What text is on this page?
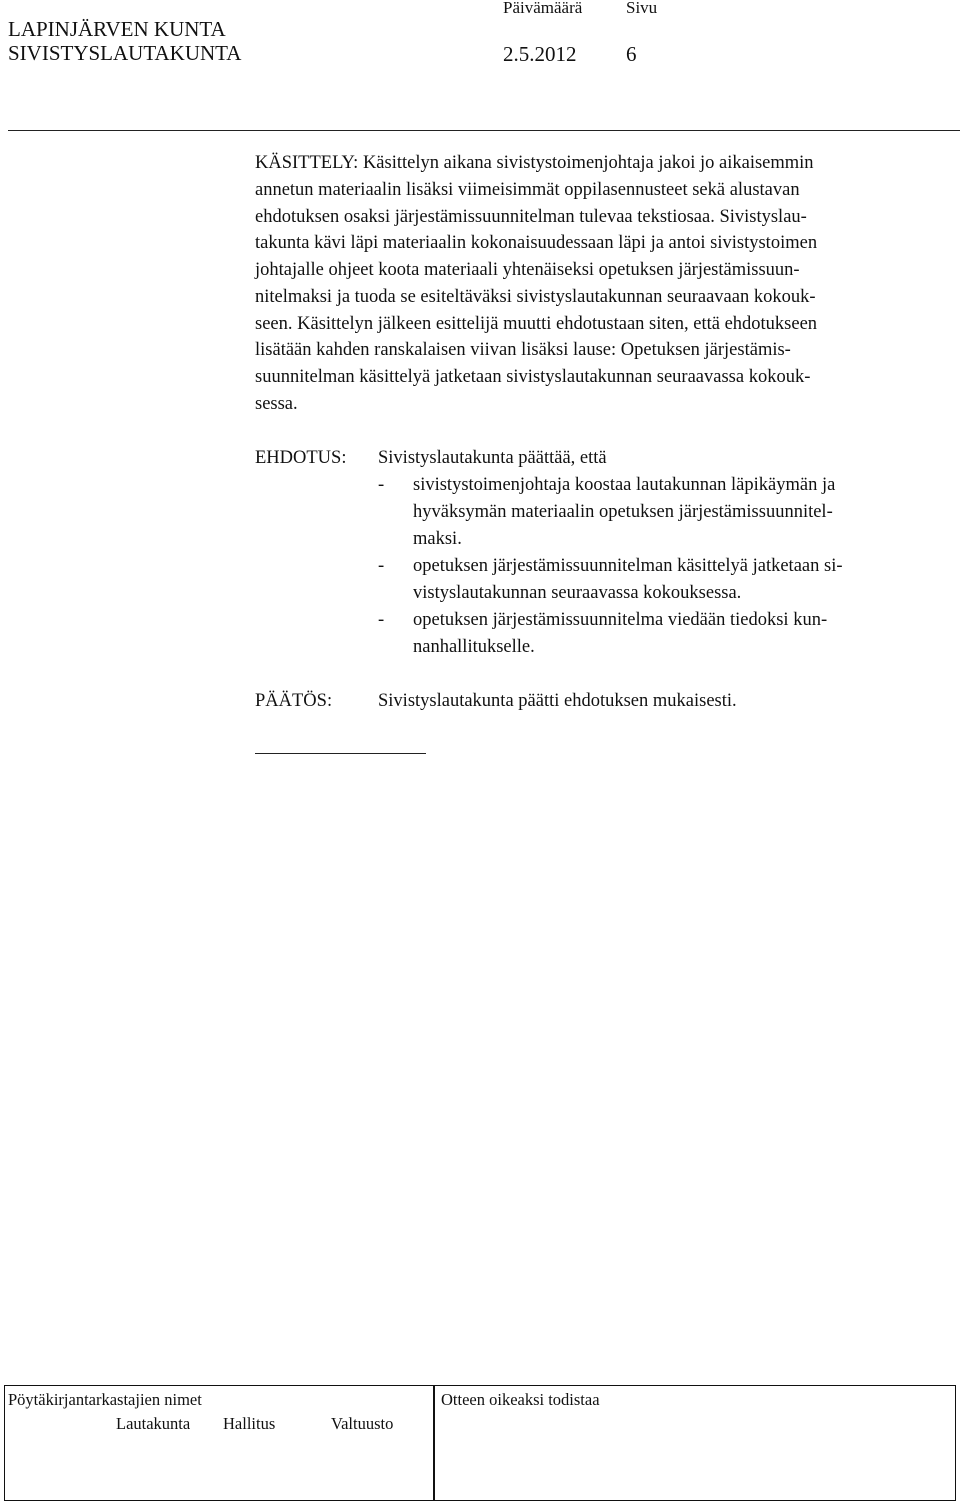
LAPINJÄRVEN KUNTA
SIVISTYSLAUTAKUNTA
Päivämäärä	Sivu
2.5.2012 6
KÄSITTELY: Käsittelyn aikana sivistystoimenjohtaja jakoi jo aikaisemmin
annetun materiaalin lisäksi viimeisimmät oppilasennusteet sekä alustavan
ehdotuksen osaksi järjestämissuunnitelman tulevaa tekstiosaa. Sivistyslau-
takunta kävi läpi materiaalin kokonaisuudessaan läpi ja antoi sivistystoimen
johtajalle ohjeet koota materiaali yhtenäiseksi opetuksen järjestämissuun-
nitelmaksi ja tuoda se esiteltäväksi sivistyslautakunnan seuraavaan kokouk-
seen. Käsittelyn jälkeen esittelijä muutti ehdotustaan siten, että ehdotukseen
lisätään kahden ranskalaisen viivan lisäksi lause: Opetuksen järjestämis-
suunnitelman käsittelyä jatketaan sivistyslautakunnan seuraavassa kokouk-
sessa.
EHDOTUS: Sivistyslautakunta päättää, että
- sivistystoimenjohtaja koostaa lautakunnan läpikäymän ja
hyväksymän materiaalin opetuksen järjestämissuunnitel-
maksi.
- opetuksen järjestämissuunnitelman käsittelyä jatketaan si-
vistyslautakunnan seuraavassa kokouksessa.
- opetuksen järjestämissuunnitelma viedään tiedoksi kun-
nanhallitukselle.
PÄÄTÖS: Sivistyslautakunta päätti ehdotuksen mukaisesti.
Pöytäkirjantarkastajien nimet	Otteen oikeaksi todistaa
Lautakunta Hallitus	Valtuusto
